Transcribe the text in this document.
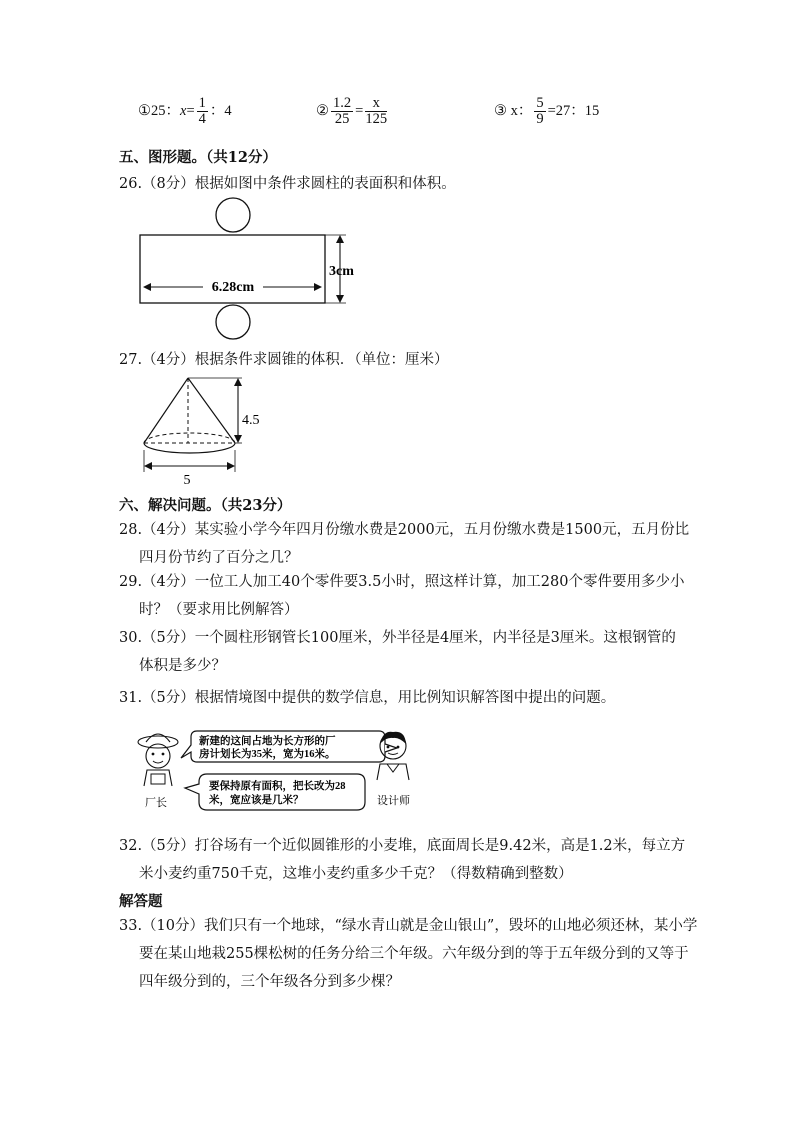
①25：$x= \frac{1}{4}$ ：4	② $\frac{1.2}{25} = \frac{x}{125}$	③ x： $\frac{5}{9} =27$：15
五、图形题。（共12分）
26.（8分）根据如图中条件求圆柱的表面积和体积。
6.28cm
3cm
27.（4分）根据条件求圆锥的体积．（单位：厘米）
4.5
5
六、解决问题。（共23分）
28.（4分）某实验小学今年四月份缴水费是2000元，五月份缴水费是1500元，五月份比
四月份节约了百分之几？
29.（4分）一位工人加工40个零件要3.5小时，照这样计算，加工280个零件要用多少小
时？（要求用比例解答）
30.（5分）一个圆柱形钢管长100厘米，外半径是4厘米，内半径是3厘米。这根钢管的
体积是多少？
31.（5分）根据情境图中提供的数学信息，用比例知识解答图中提出的问题。
厂长
新建的这间占地为长方形的厂
房计划长为35米，宽为16米。
要保持原有面积，把长改为28
米，宽应该是几米？	设计师
32.（5分）打谷场有一个近似圆锥形的小麦堆，底面周长是9.42米，高是1.2米，每立方
米小麦约重750千克，这堆小麦约重多少千克？（得数精确到整数）
解答题
33.（10分）我们只有一个地球，“绿水青山就是金山银山”，毁坏的山地必须还林，某小学
要在某山地栽255棵松树的任务分给三个年级。六年级分到的等于五年级分到的又等于
四年级分到的，三个年级各分到多少棵？
